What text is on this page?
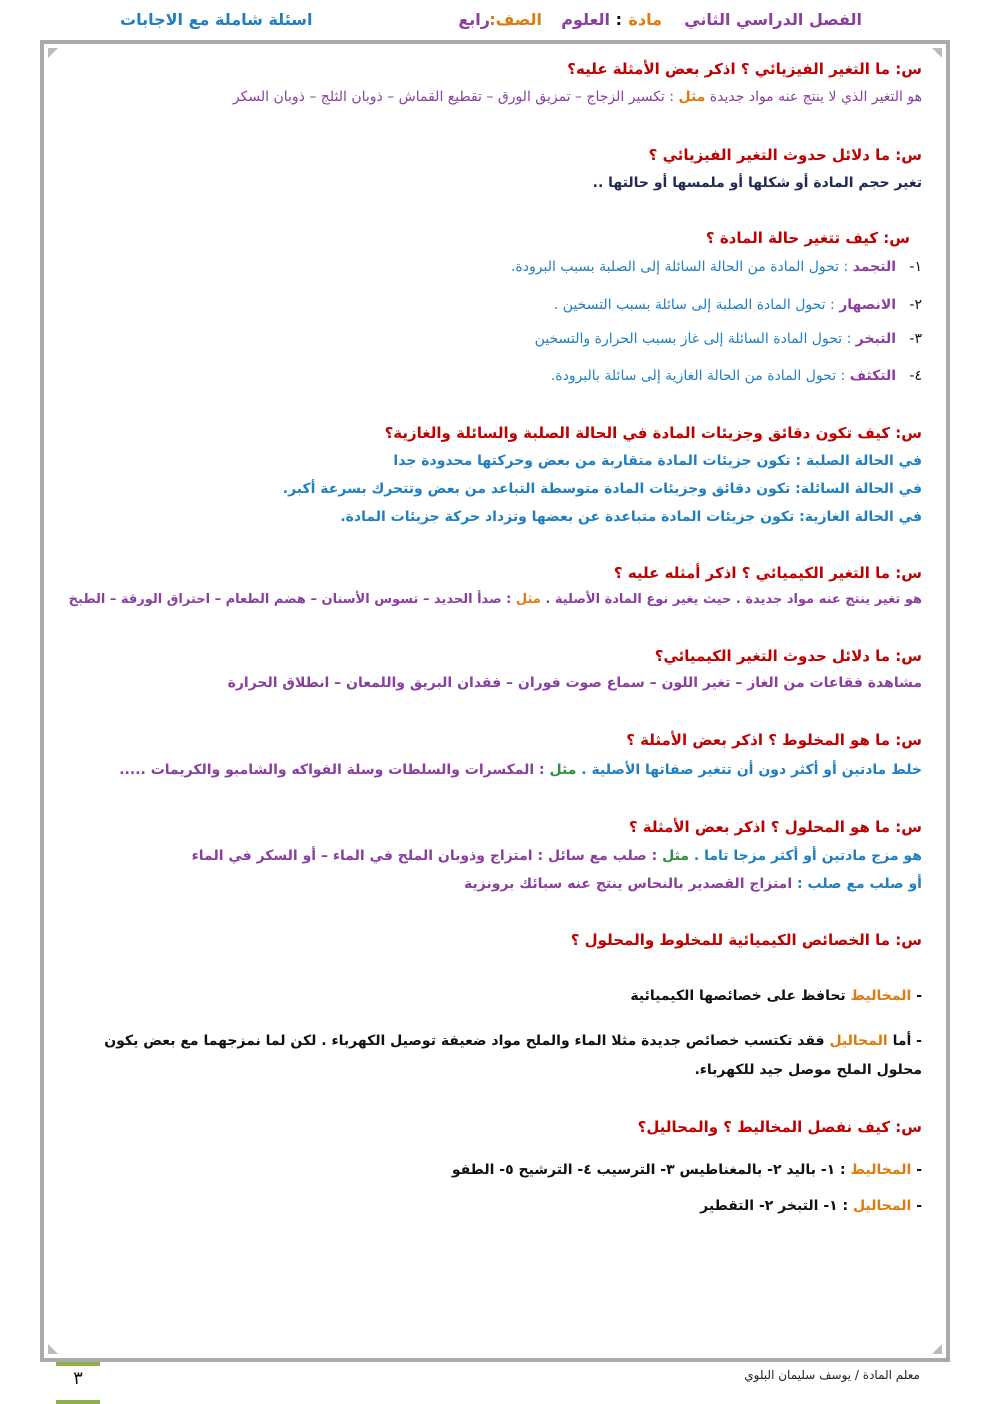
الفصل الدراسي الثاني
مادة
:
العلوم
الصف:
رابع
اسئلة شاملة مع الاجابات
س: ما التغير الفيزيائي ؟ اذكر بعض الأمثلة عليه؟
هو التغير الذي لا ينتج عنه مواد جديدة مثل : تكسير الزجاج – تمزيق الورق – تقطيع القماش – ذوبان الثلج – ذوبان السكر
س: ما دلائل حدوث التغير الفيزيائي ؟
تغير حجم المادة أو شكلها أو ملمسها أو حالتها ..
س: كيف تتغير حالة المادة ؟
١-   التجمد : تحول المادة من الحالة السائلة إلى الصلبة بسبب البرودة.
٢-   الانصهار : تحول المادة الصلبة إلى سائلة بسبب التسخين .
٣-   التبخر : تحول المادة السائلة إلى غاز بسبب الحرارة والتسخين
٤-   التكثف : تحول المادة من الحالة الغازية إلى سائلة بالبرودة.
س: كيف تكون دقائق وجزيئات المادة في الحالة الصلبة والسائلة والغازية؟
في الحالة الصلبة : تكون جزيئات المادة متقاربة من بعض وحركتها محدودة جدا
في الحالة السائلة: تكون دقائق وجزيئات المادة متوسطة التباعد من بعض وتتحرك بسرعة أكبر.
في الحالة الغازية: تكون جزيئات المادة متباعدة عن بعضها وتزداد حركة جزيئات المادة.
س: ما التغير الكيميائي ؟ اذكر أمثله عليه ؟
هو تغير ينتج عنه مواد جديدة . حيث يغير نوع المادة الأصلية . مثل : صدأ الحديد – تسوس الأسنان – هضم الطعام – احتراق الورقة – الطبخ
س: ما دلائل حدوث التغير الكيميائي؟
مشاهدة فقاعات من الغاز – تغير اللون – سماع صوت فوران – فقدان البريق واللمعان – انطلاق الحرارة
س: ما هو المخلوط ؟ اذكر بعض الأمثلة ؟
خلط مادتين أو أكثر دون أن تتغير صفاتها الأصلية . مثل : المكسرات والسلطات وسلة الفواكه والشامبو والكريمات .....
س: ما هو المحلول ؟ اذكر بعض الأمثلة ؟
هو مزج مادتين أو أكثر مزجا تاما . مثل : صلب مع سائل : امتزاج وذوبان الملح في الماء – أو السكر في الماء
أو صلب مع صلب : امتزاج القصدير بالنحاس ينتج عنه سبائك برونزية
س: ما الخصائص الكيميائية للمخلوط والمحلول ؟
- المخاليط تحافظ على خصائصها الكيميائية
- أما المحاليل فقد تكتسب خصائص جديدة مثلا الماء والملح مواد ضعيفة توصيل الكهرباء . لكن لما نمزجهما مع بعض يكون
محلول الملح موصل جيد للكهرباء.
س: كيف نفصل المخاليط ؟ والمحاليل؟
- المخاليط : ١- باليد ٢- بالمغناطيس ٣- الترسيب ٤- الترشيح ٥- الطفو
- المحاليل : ١- التبخر ٢- التقطير
معلم المادة / يوسف سليمان البلوي
٣
